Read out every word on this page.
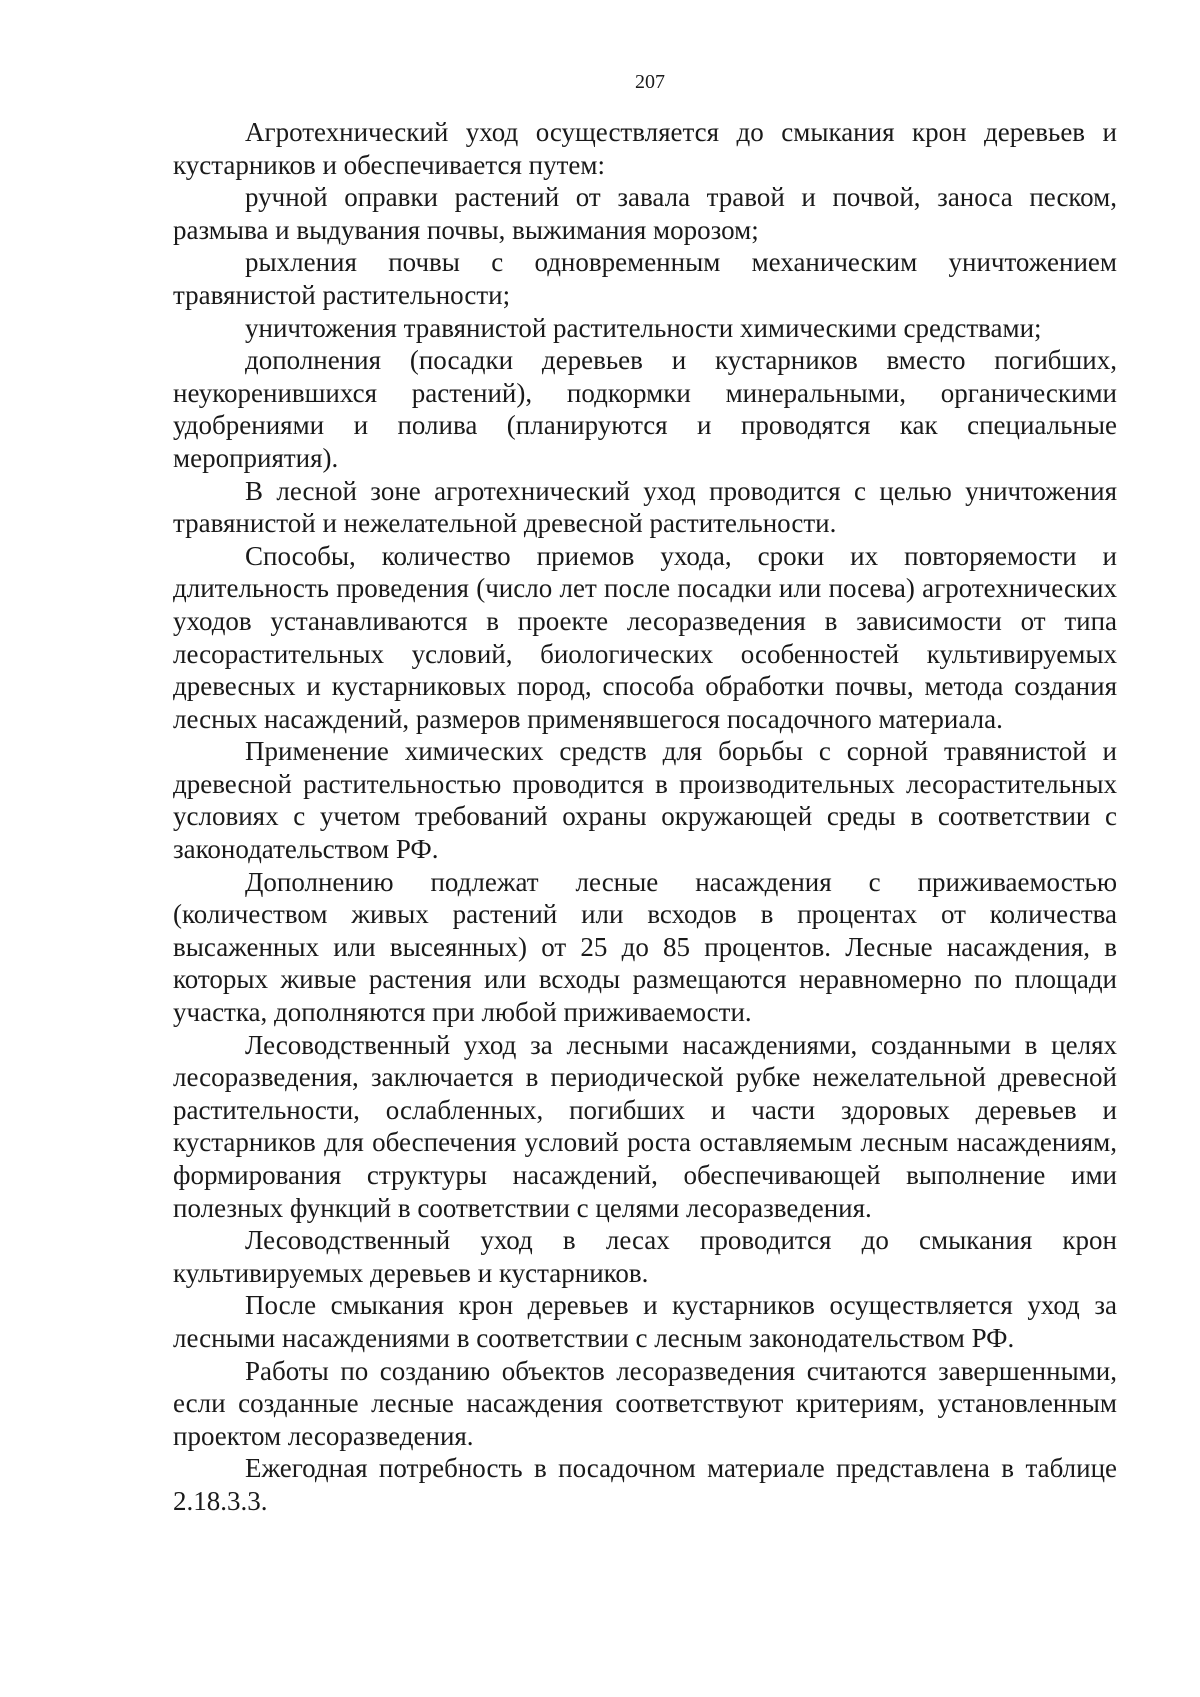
207

Агротехнический уход осуществляется до смыкания крон деревьев и кустарников и обеспечивается путем:

ручной оправки растений от завала травой и почвой, заноса песком, размыва и выдувания почвы, выжимания морозом;

рыхления почвы с одновременным механическим уничтожением травянистой растительности;

уничтожения травянистой растительности химическими средствами;

дополнения (посадки деревьев и кустарников вместо погибших, неукоренившихся растений), подкормки минеральными, органическими удобрениями и полива (планируются и проводятся как специальные мероприятия).

В лесной зоне агротехнический уход проводится с целью уничтожения травянистой и нежелательной древесной растительности.

Способы, количество приемов ухода, сроки их повторяемости и длительность проведения (число лет после посадки или посева) агротехнических уходов устанавливаются в проекте лесоразведения в зависимости от типа лесорастительных условий, биологических особенностей культивируемых древесных и кустарниковых пород, способа обработки почвы, метода создания лесных насаждений, размеров применявшегося посадочного материала.

Применение химических средств для борьбы с сорной травянистой и древесной растительностью проводится в производительных лесорастительных условиях с учетом требований охраны окружающей среды в соответствии с законодательством РФ.

Дополнению подлежат лесные насаждения с приживаемостью (количеством живых растений или всходов в процентах от количества высаженных или высеянных) от 25 до 85 процентов. Лесные насаждения, в которых живые растения или всходы размещаются неравномерно по площади участка, дополняются при любой приживаемости.

Лесоводственный уход за лесными насаждениями, созданными в целях лесоразведения, заключается в периодической рубке нежелательной древесной растительности, ослабленных, погибших и части здоровых деревьев и кустарников для обеспечения условий роста оставляемым лесным насаждениям, формирования структуры насаждений, обеспечивающей выполнение ими полезных функций в соответствии с целями лесоразведения.

Лесоводственный уход в лесах проводится до смыкания крон культивируемых деревьев и кустарников.

После смыкания крон деревьев и кустарников осуществляется уход за лесными насаждениями в соответствии с лесным законодательством РФ.

Работы по созданию объектов лесоразведения считаются завершенными, если созданные лесные насаждения соответствуют критериям, установленным проектом лесоразведения.

Ежегодная потребность в посадочном материале представлена в таблице 2.18.3.3.
